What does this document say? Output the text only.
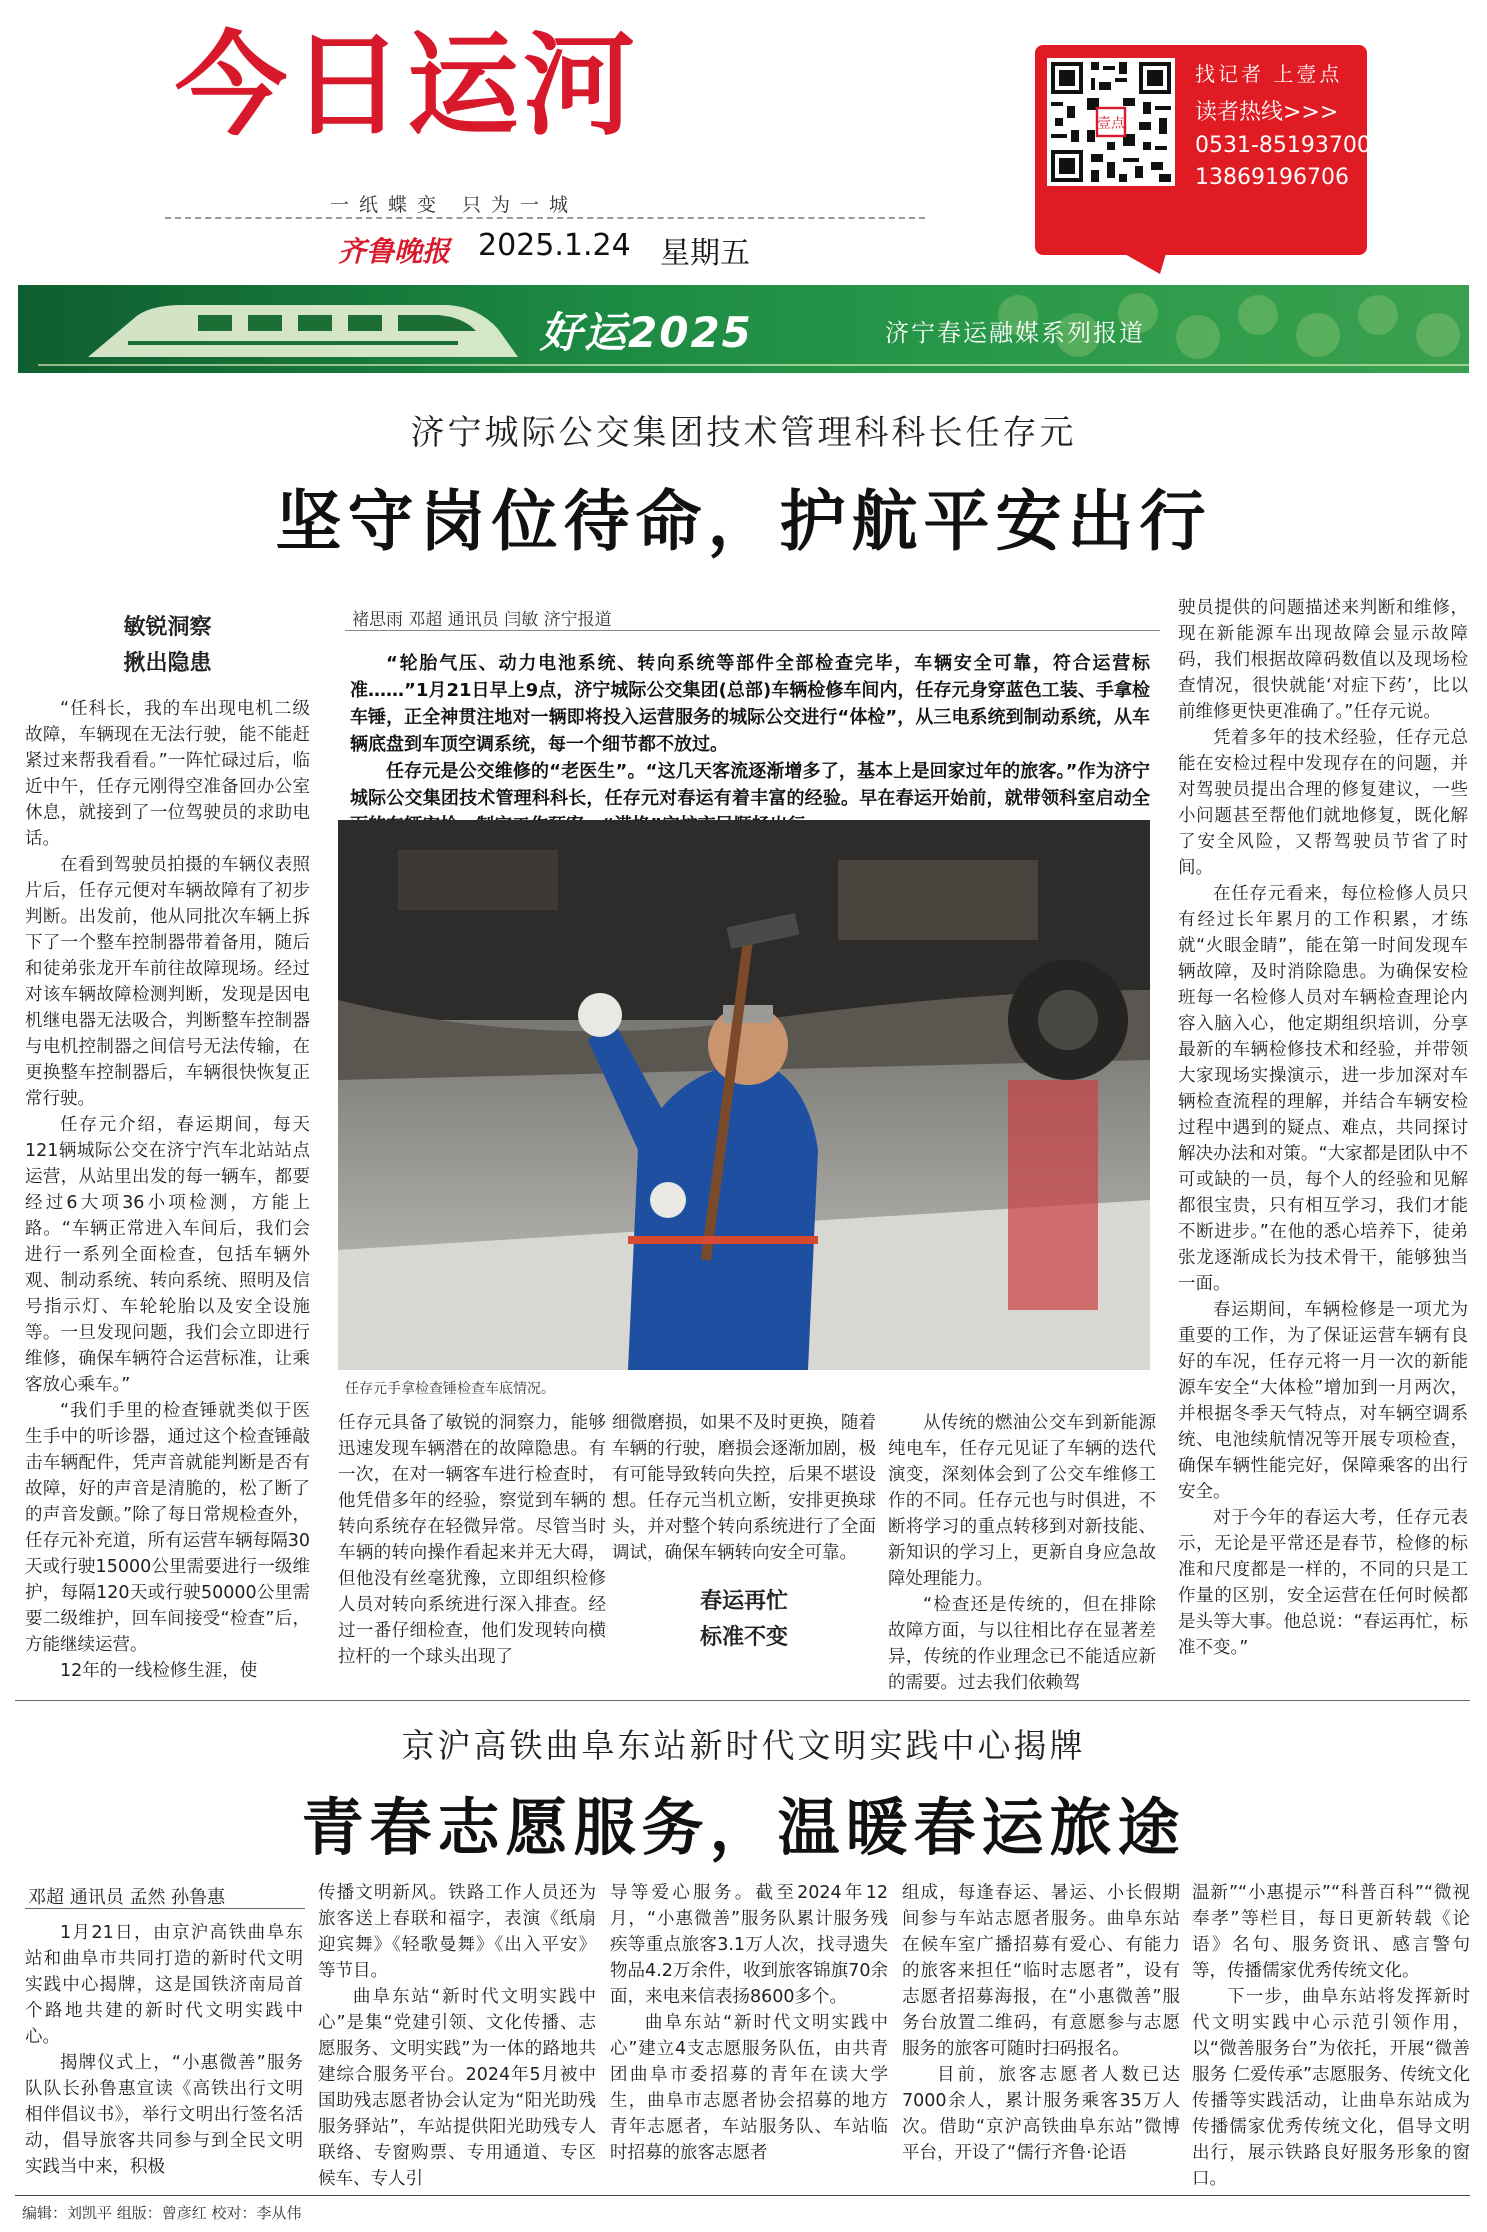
今日运河
一纸蝶变 只为一城
齐鲁晚报 2025.1.24 星期五
壹点
找记者 上壹点
读者热线>>>
0531-85193700
13869196706
好运2025	济宁春运融媒系列报道
济宁城际公交集团技术管理科科长任存元
坚守岗位待命，护航平安出行
褚思雨 邓超 通讯员 闫敏 济宁报道

“轮胎气压、动力电池系统、转向系统等部件全部检查完毕，车辆安全可靠，符合运营标准……”1月21日早上9点，济宁城际公交集团(总部)车辆检修车间内，任存元身穿蓝色工装、手拿检车锤，正全神贯注地对一辆即将投入运营服务的城际公交进行“体检”，从三电系统到制动系统，从车辆底盘到车顶空调系统，每一个细节都不放过。

任存元是公交维修的“老医生”。“这几天客流逐渐增多了，基本上是回家过年的旅客。”作为济宁城际公交集团技术管理科科长，任存元对春运有着丰富的经验。早在春运开始前，就带领科室启动全

敏锐洞察
揪出隐患

“任科长，我的车出现电机二级故障，车辆现在无法行驶，能不能赶紧过来帮我看看。”一阵忙碌过后，临近中午，任存元刚得空准备回办公室休息，就接到了一位驾驶员的求助电话。

在看到驾驶员拍摄的车辆仪表照片后，任存元便对车辆故障有了初步判断。出发前，他从同批次车辆上拆下了一个整车控制器带着备用，随后和徒弟张龙开车前往故障现场。经过对该车辆故障检测判断，发现是因电机继电器无法吸合，判断整车控制器与电机控制器之间信号无法传输，在更换整车控制器后，车辆很快恢复正常行驶。

任存元介绍，春运期间，每天121辆城际公交在济宁汽车北站站点运营，从站里出发的每一辆车，都要经过6大项36小项检测，方能上路。“车辆正常进入车间后，我们会进行一系列全面检查，包括车辆外观、制动系统、转向系统、照明及信号指示灯、车轮轮胎以及安全设施等。一旦发现问题，我们会立即进行维修，确保车辆符合运营标准，让乘客放心乘车。”

“我们手里的检查锤就类似于医生手中的听诊器，通过这个检查锤敲击车辆配件，凭声音就能判断是否有故障，好的声音是清脆的，松了断了的声音发颤。”除了每日常规检查外，任存元补充道，所有运营车辆每隔30天或行驶15000公里需要进行一级维护，每隔120天或行驶50000公里需要二级维护，回车间接受“检查”后，方能继续运营。

12年的一线检修生涯，使

任存元手拿检查锤检查车底情况。

任存元具备了敏锐的洞察力，能够迅速发现车辆潜在的故障隐患。有一次，在对一辆客车进行检查时，他凭借多年的经验，察觉到车辆的转向系统存在轻微异常。尽管当时车辆的转向操作看起来并无大碍，但他没有丝毫犹豫，立即组织检修人员对转向系统进行深入排查。经过一番仔细检查，他们发现转向横拉杆的一个球头出现了

细微磨损，如果不及时更换，随着车辆的行驶，磨损会逐渐加剧，极有可能导致转向失控，后果不堪设想。任存元当机立断，安排更换球头，并对整个转向系统进行了全面调试，确保车辆转向安全可靠。

春运再忙
标准不变

从传统的燃油公交车到新能源纯电车，任存元见证了车辆的迭代演变，深刻体会到了公交车维修工作的不同。任存元也与时俱进，不断将学习的重点转移到对新技能、新知识的学习上，更新自身应急故障处理能力。

“检查还是传统的，但在排除故障方面，与以往相比存在显著差异，传统的作业理念已不能适应新的需要。过去我们依赖驾

驶员提供的问题描述来判断和维修，现在新能源车出现故障会显示故障码，我们根据故障码数值以及现场检查情况，很快就能‘对症下药’，比以前维修更快更准确了。”任存元说。

凭着多年的技术经验，任存元总能在安检过程中发现存在的问题，并对驾驶员提出合理的修复建议，一些小问题甚至帮他们就地修复，既化解了安全风险，又帮驾驶员节省了时间。

在任存元看来，每位检修人员只有经过长年累月的工作积累，才练就“火眼金睛”，能在第一时间发现车辆故障，及时消除隐患。为确保安检班每一名检修人员对车辆检查理论内容入脑入心，他定期组织培训，分享最新的车辆检修技术和经验，并带领大家现场实操演示，进一步加深对车辆检查流程的理解，并结合车辆安检过程中遇到的疑点、难点，共同探讨解决办法和对策。“大家都是团队中不可或缺的一员，每个人的经验和见解都很宝贵，只有相互学习，我们才能不断进步。”在他的悉心培养下，徒弟张龙逐渐成长为技术骨干，能够独当一面。

春运期间，车辆检修是一项尤为重要的工作，为了保证运营车辆有良好的车况，任存元将一月一次的新能源车安全“大体检”增加到一月两次，并根据冬季天气特点，对车辆空调系统、电池续航情况等开展专项检查，确保车辆性能完好，保障乘客的出行安全。

对于今年的春运大考，任存元表示，无论是平常还是春节，检修的标准和尺度都是一样的，不同的只是工作量的区别，安全运营在任何时候都是头等大事。他总说：“春运再忙，标准不变。”

京沪高铁曲阜东站新时代文明实践中心揭牌
青春志愿服务，温暖春运旅途
邓超 通讯员 孟然 孙鲁惠

1月21日，由京沪高铁曲阜东站和曲阜市共同打造的新时代文明实践中心揭牌，这是国铁济南局首个路地共建的新时代文明实践中心。

揭牌仪式上，“小惠微善”服务队队长孙鲁惠宣读《高铁出行文明相伴倡议书》，举行文明出行签名活动，倡导旅客共同参与到全民文明实践当中来，积极

传播文明新风。铁路工作人员还为旅客送上春联和福字，表演《纸扇迎宾舞》《轻歌曼舞》《出入平安》等节目。

曲阜东站“新时代文明实践中心”是集“党建引领、文化传播、志愿服务、文明实践”为一体的路地共建综合服务平台。2024年5月被中国助残志愿者协会认定为“阳光助残服务驿站”，车站提供阳光助残专人联络、专窗购票、专用通道、专区候车、专人引

导等爱心服务。截至2024年12月，“小惠微善”服务队累计服务残疾等重点旅客3.1万人次，找寻遗失物品4.2万余件，收到旅客锦旗70余面，来电来信表扬8600多个。

曲阜东站“新时代文明实践中心”建立4支志愿服务队伍，由共青团曲阜市委招募的青年在读大学生，曲阜市志愿者协会招募的地方青年志愿者，车站服务队、车站临时招募的旅客志愿者

组成，每逢春运、暑运、小长假期间参与车站志愿者服务。曲阜东站在候车室广播招募有爱心、有能力的旅客来担任“临时志愿者”，设有志愿者招募海报，在“小惠微善”服务台放置二维码，有意愿参与志愿服务的旅客可随时扫码报名。

目前，旅客志愿者人数已达7000余人，累计服务乘客35万人次。借助“京沪高铁曲阜东站”微博平台，开设了“儒行齐鲁·论语

温新”“小惠提示”“科普百科”“微视奉孝”等栏目，每日更新转载《论语》名句、服务资讯、感言警句等，传播儒家优秀传统文化。

下一步，曲阜东站将发挥新时代文明实践中心示范引领作用，以“微善服务台”为依托，开展“微善服务 仁爱传承”志愿服务、传统文化传播等实践活动，让曲阜东站成为传播儒家优秀传统文化，倡导文明出行，展示铁路良好服务形象的窗口。

编辑：刘凯平 组版：曾彦红 校对：李从伟
